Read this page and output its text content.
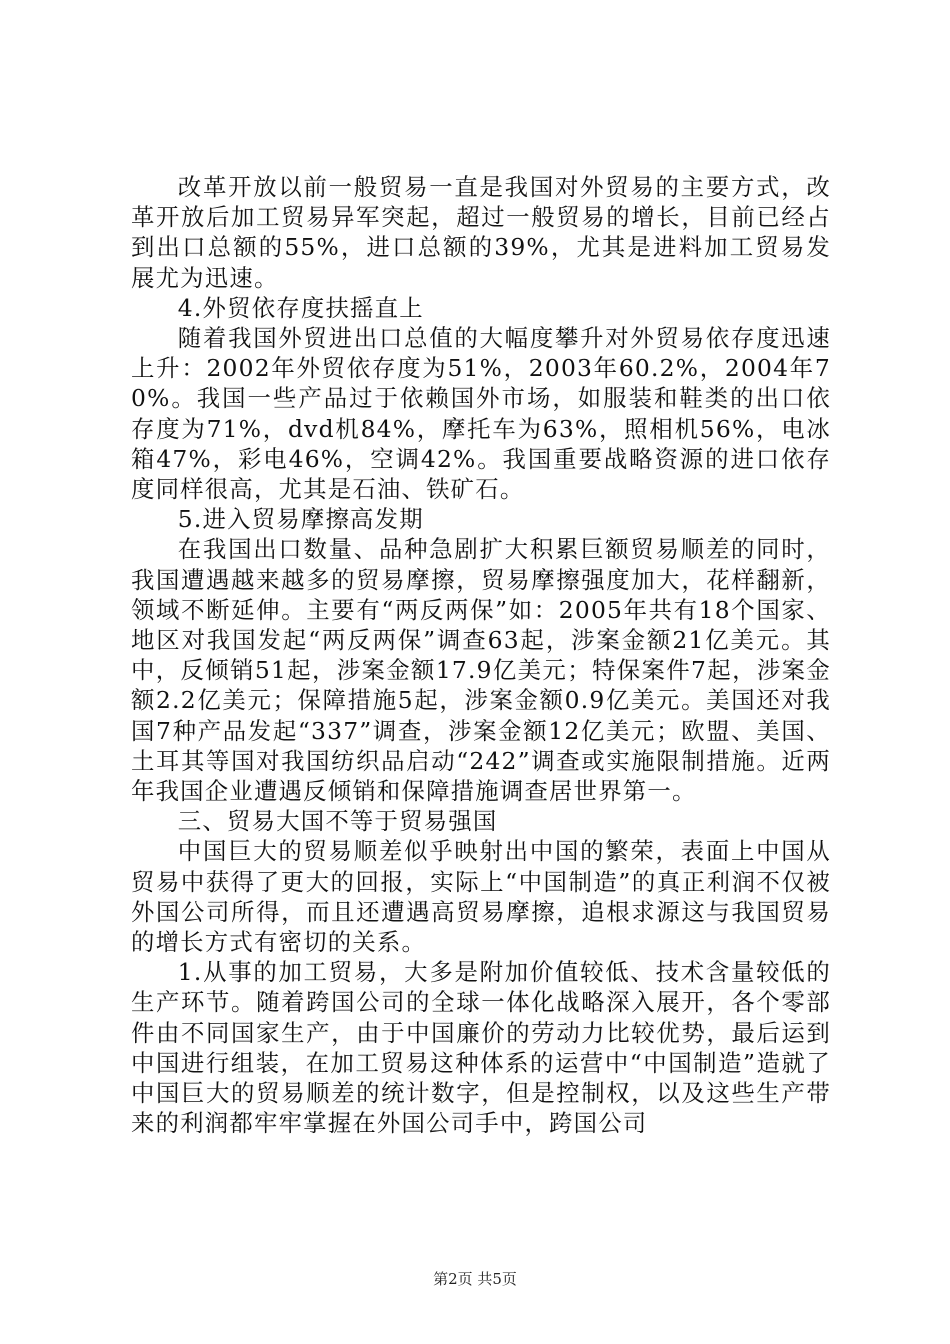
改革开放以前一般贸易一直是我国对外贸易的主要方式，改革开放后加工贸易异军突起，超过一般贸易的增长，目前已经占到出口总额的55%，进口总额的39%，尤其是进料加工贸易发展尤为迅速。

4.外贸依存度扶摇直上

随着我国外贸进出口总值的大幅度攀升对外贸易依存度迅速上升：2002年外贸依存度为51%，2003年60.2%，2004年70%。我国一些产品过于依赖国外市场，如服装和鞋类的出口依存度为71%，dvd机84%，摩托车为63%，照相机56%，电冰箱47%，彩电46%，空调42%。我国重要战略资源的进口依存度同样很高，尤其是石油、铁矿石。

5.进入贸易摩擦高发期

在我国出口数量、品种急剧扩大积累巨额贸易顺差的同时，我国遭遇越来越多的贸易摩擦，贸易摩擦强度加大，花样翻新，领域不断延伸。主要有“两反两保”如：2005年共有18个国家、地区对我国发起“两反两保”调查63起，涉案金额21亿美元。其中，反倾销51起，涉案金额17.9亿美元；特保案件7起，涉案金额2.2亿美元；保障措施5起，涉案金额0.9亿美元。美国还对我国7种产品发起“337”调查，涉案金额12亿美元；欧盟、美国、土耳其等国对我国纺织品启动“242”调查或实施限制措施。近两年我国企业遭遇反倾销和保障措施调查居世界第一。

三、贸易大国不等于贸易强国

中国巨大的贸易顺差似乎映射出中国的繁荣，表面上中国从贸易中获得了更大的回报，实际上“中国制造”的真正利润不仅被外国公司所得，而且还遭遇高贸易摩擦，追根求源这与我国贸易的增长方式有密切的关系。

1.从事的加工贸易，大多是附加价值较低、技术含量较低的生产环节。随着跨国公司的全球一体化战略深入展开，各个零部件由不同国家生产，由于中国廉价的劳动力比较优势，最后运到中国进行组装，在加工贸易这种体系的运营中“中国制造”造就了中国巨大的贸易顺差的统计数字，但是控制权，以及这些生产带来的利润都牢牢掌握在外国公司手中，跨国公司

第2页 共5页
